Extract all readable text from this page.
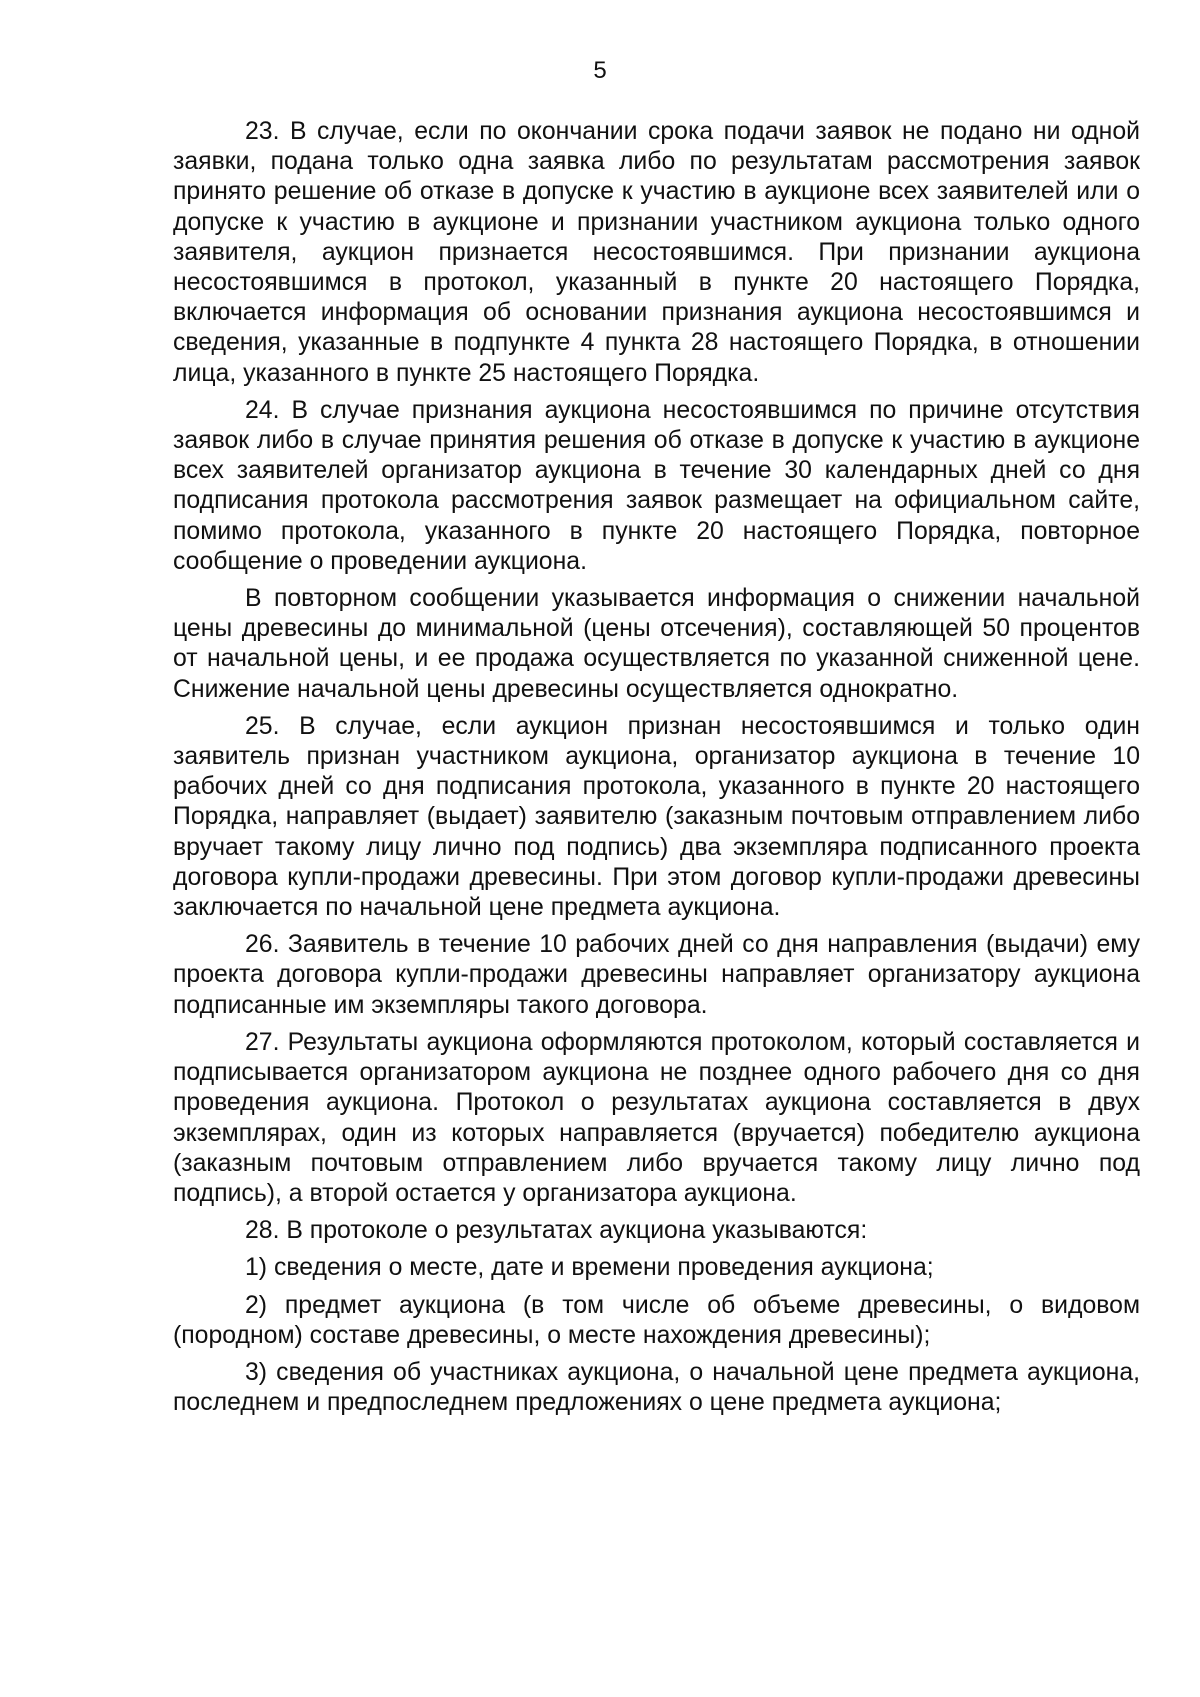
5

23. В случае, если по окончании срока подачи заявок не подано ни одной заявки, подана только одна заявка либо по результатам рассмотрения заявок принято решение об отказе в допуске к участию в аукционе всех заявителей или о допуске к участию в аукционе и признании участником аукциона только одного заявителя, аукцион признается несостоявшимся. При признании аукциона несостоявшимся в протокол, указанный в пункте 20 настоящего Порядка, включается информация об основании признания аукциона несостоявшимся и сведения, указанные в подпункте 4 пункта 28 настоящего Порядка, в отношении лица, указанного в пункте 25 настоящего Порядка.

24. В случае признания аукциона несостоявшимся по причине отсутствия заявок либо в случае принятия решения об отказе в допуске к участию в аукционе всех заявителей организатор аукциона в течение 30 календарных дней со дня подписания протокола рассмотрения заявок размещает на официальном сайте, помимо протокола, указанного в пункте 20 настоящего Порядка, повторное сообщение о проведении аукциона.

В повторном сообщении указывается информация о снижении начальной цены древесины до минимальной (цены отсечения), составляющей 50 процентов от начальной цены, и ее продажа осуществляется по указанной сниженной цене. Снижение начальной цены древесины осуществляется однократно.

25. В случае, если аукцион признан несостоявшимся и только один заявитель признан участником аукциона, организатор аукциона в течение 10 рабочих дней со дня подписания протокола, указанного в пункте 20 настоящего Порядка, направляет (выдает) заявителю (заказным почтовым отправлением либо вручает такому лицу лично под подпись) два экземпляра подписанного проекта договора купли-продажи древесины. При этом договор купли-продажи древесины заключается по начальной цене предмета аукциона.

26. Заявитель в течение 10 рабочих дней со дня направления (выдачи) ему проекта договора купли-продажи древесины направляет организатору аукциона подписанные им экземпляры такого договора.

27. Результаты аукциона оформляются протоколом, который составляется и подписывается организатором аукциона не позднее одного рабочего дня со дня проведения аукциона. Протокол о результатах аукциона составляется в двух экземплярах, один из которых направляется (вручается) победителю аукциона (заказным почтовым отправлением либо вручается такому лицу лично под подпись), а второй остается у организатора аукциона.

28. В протоколе о результатах аукциона указываются:

1) сведения о месте, дате и времени проведения аукциона;

2) предмет аукциона (в том числе об объеме древесины, о видовом (породном) составе древесины, о месте нахождения древесины);

3) сведения об участниках аукциона, о начальной цене предмета аукциона, последнем и предпоследнем предложениях о цене предмета аукциона;
